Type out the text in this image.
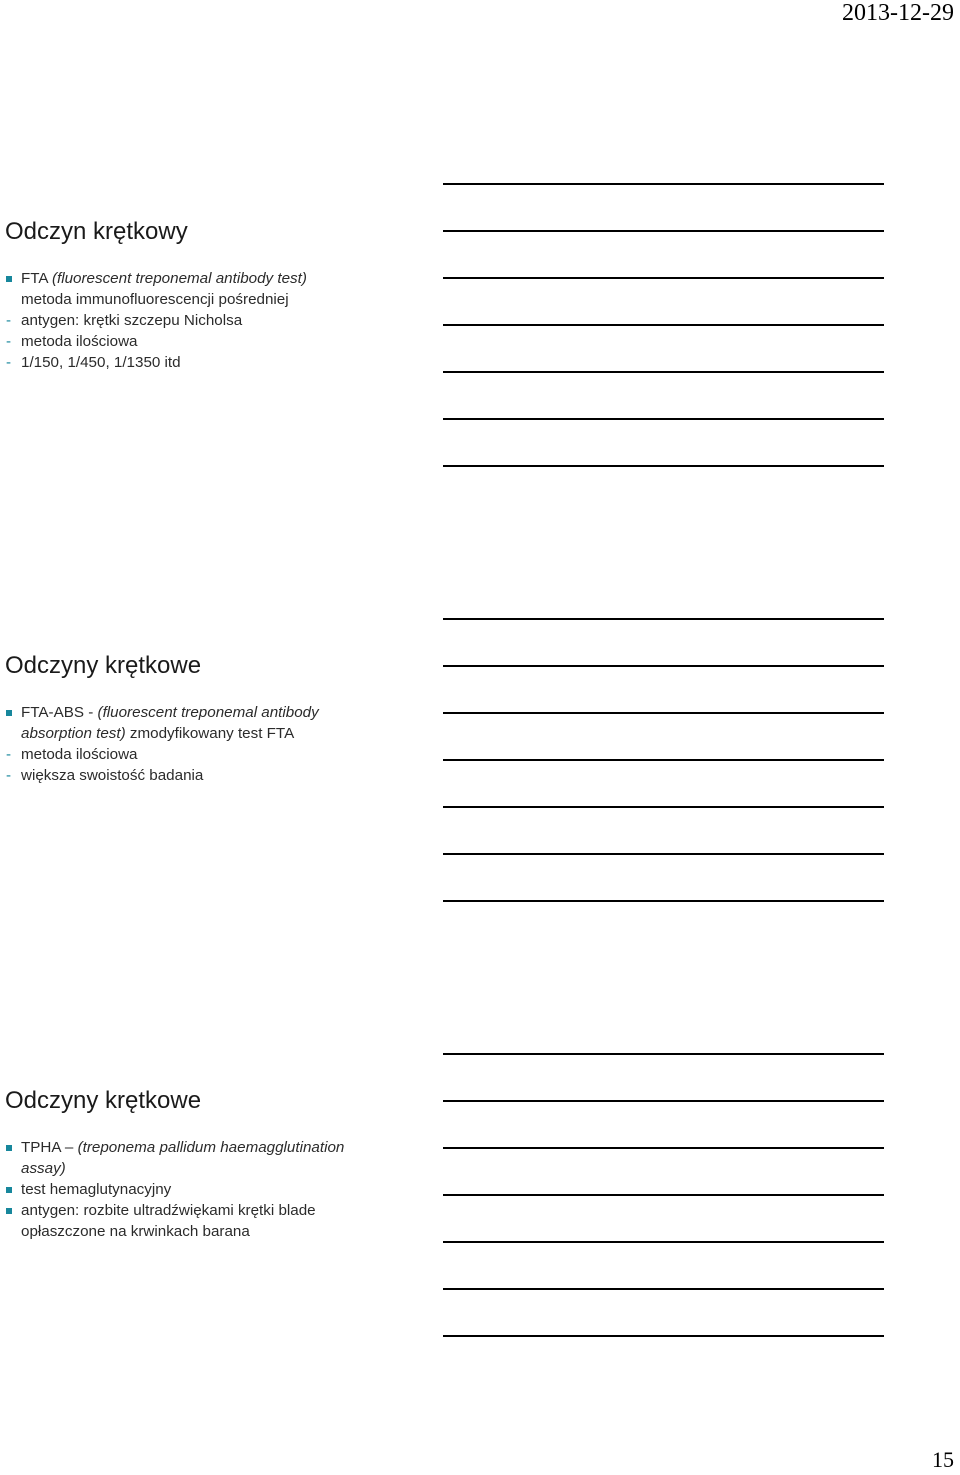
2013-12-29
Odczyn krętkowy
FTA (fluorescent treponemal antibody test) metoda immunofluorescencji pośredniej
- antygen: krętki szczepu Nicholsa
- metoda ilościowa
- 1/150, 1/450, 1/1350 itd
Odczyny krętkowe
FTA-ABS - (fluorescent treponemal antibody absorption test) zmodyfikowany test FTA
- metoda ilościowa
- większa swoistość badania
Odczyny krętkowe
TPHA – (treponema pallidum haemagglutination assay)
test hemaglutynacyjny
antygen: rozbite ultradźwiękami krętki blade opłaszczone na krwinkach barana
15
